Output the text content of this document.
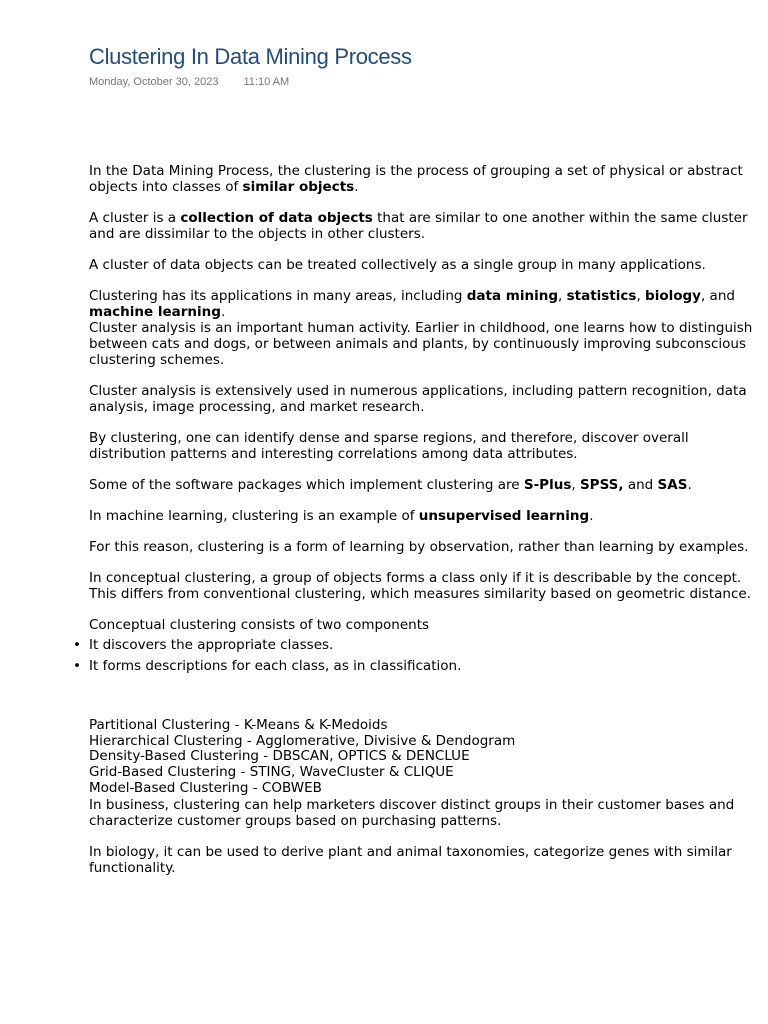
Clustering In Data Mining Process
Monday, October 30, 2023 11:10 AM

In the Data Mining Process, the clustering is the process of grouping a set of physical or abstract objects into classes of similar objects.

A cluster is a collection of data objects that are similar to one another within the same cluster and are dissimilar to the objects in other clusters.

A cluster of data objects can be treated collectively as a single group in many applications.

Clustering has its applications in many areas, including data mining, statistics, biology, and machine learning.

Cluster analysis is an important human activity. Earlier in childhood, one learns how to distinguish between cats and dogs, or between animals and plants, by continuously improving subconscious clustering schemes.

Cluster analysis is extensively used in numerous applications, including pattern recognition, data analysis, image processing, and market research.

By clustering, one can identify dense and sparse regions, and therefore, discover overall distribution patterns and interesting correlations among data attributes.

Some of the software packages which implement clustering are S-Plus, SPSS, and SAS.

In machine learning, clustering is an example of unsupervised learning.

For this reason, clustering is a form of learning by observation, rather than learning by examples.

In conceptual clustering, a group of objects forms a class only if it is describable by the concept. This differs from conventional clustering, which measures similarity based on geometric distance.

Conceptual clustering consists of two components

• It discovers the appropriate classes.
• It forms descriptions for each class, as in classification.
Partitional Clustering - K-Means & K-Medoids
Hierarchical Clustering - Agglomerative, Divisive & Dendogram
Density-Based Clustering - DBSCAN, OPTICS & DENCLUE
Grid-Based Clustering - STING, WaveCluster & CLIQUE
Model-Based Clustering - COBWEB

In business, clustering can help marketers discover distinct groups in their customer bases and characterize customer groups based on purchasing patterns.

In biology, it can be used to derive plant and animal taxonomies, categorize genes with similar functionality.
